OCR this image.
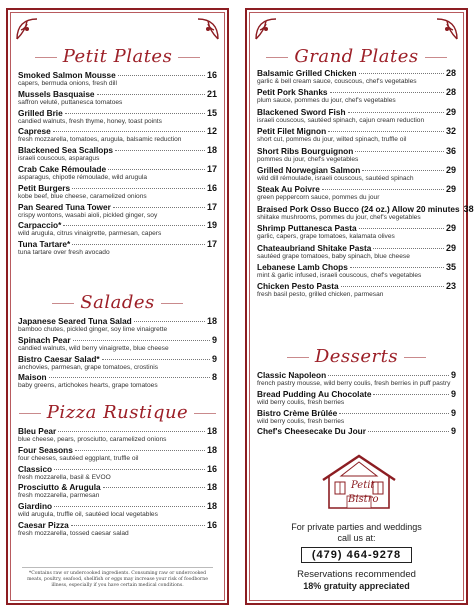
Petit Plates
Smoked Salmon Mousse	16
capers, bermuda onions, fresh dill
Mussels Basquaise	21
saffron veluté, puttanesca tomatoes
Grilled Brie	15
candied walnuts, fresh thyme, honey, toast points
Caprese	12
fresh mozzarella, tomatoes, arugula, balsamic reduction
Blackened Sea Scallops	18
israeli couscous, asparagus
Crab Cake Rémoulade	17
asparagus, chipotle rémoulade, wild arugula
Petit Burgers	16
kobe beef, blue cheese, caramelized onions
Pan Seared Tuna Tower	17
crispy wontons, wasabi aioli, pickled ginger, soy
Carpaccio*	19
wild arugula, citrus vinaigrette, parmesan, capers
Tuna Tartare*	17
tuna tartare over fresh avocado
Salades
Japanese Seared Tuna Salad	18
bamboo chutes, pickled ginger, soy lime vinaigrette
Spinach Pear	9
candied walnuts, wild berry vinaigrette, blue cheese
Bistro Caesar Salad*	9
anchovies, parmesan, grape tomatoes, crostinis
Maison	8
baby greens, artichokes hearts, grape tomatoes
Pizza Rustique
Bleu Pear	18
blue cheese, pears, prosciutto, caramelized onions
Four Seasons	18
four cheeses, sautéed eggplant, truffle oil
Classico	16
fresh mozzarella, basil & EVOO
Prosciutto & Arugula	18
fresh mozzarella, parmesan
Giardino	18
wild arugula, truffle oil, sautéed local vegetables
Caesar Pizza	16
fresh mozzarella, tossed caesar salad
*Contains raw or undercooked ingredients. Consuming raw or undercooked meats, poultry, seafood, shellfish or eggs may increase your risk of foodborne illness, especially if you have certain medical conditions.
Grand Plates
Balsamic Grilled Chicken	28
garlic & bell cream sauce, couscous, chef's vegetables
Petit Pork Shanks	28
plum sauce, pommes du jour, chef's vegetables
Blackened Sword Fish	29
israeli couscous, sautéed spinach, cajun cream reduction
Petit Filet Mignon	32
short cut, pommes du jour, wilted spinach, truffle oil
Short Ribs Bourguignon	36
pommes du jour, chef's vegetables
Grilled Norwegian Salmon	29
wild dill rémoulade, israeli couscous, sautéed spinach
Steak Au Poivre	29
green peppercorn sauce, pommes du jour
Braised Pork Osso Bucco (24 oz.) Allow 20 minutes 38
shiitake mushrooms, pommes du jour, chef's vegetables
Shrimp Puttanesca Pasta	29
garlic, capers, grape tomatoes, kalamata olives
Chateaubriand Shitake Pasta	29
sautéed grape tomatoes, baby spinach, blue cheese
Lebanese Lamb Chops	35
mint & garlic infused, israeli couscous, chef's vegetables
Chicken Pesto Pasta	23
fresh basil pesto, grilled chicken, parmesan
Desserts
Classic Napoleon	9
french pastry mousse, wild berry coulis, fresh berries in puff pastry
Bread Pudding Au Chocolate	9
wild berry coulis, fresh berries
Bistro Crème Brûlée	9
wild berry coulis, fresh berries
Chef's Cheesecake Du Jour	9
Petit
Bistro
For private parties and weddings
call us at:
(479) 464-9278
Reservations recommended
18% gratuity appreciated
